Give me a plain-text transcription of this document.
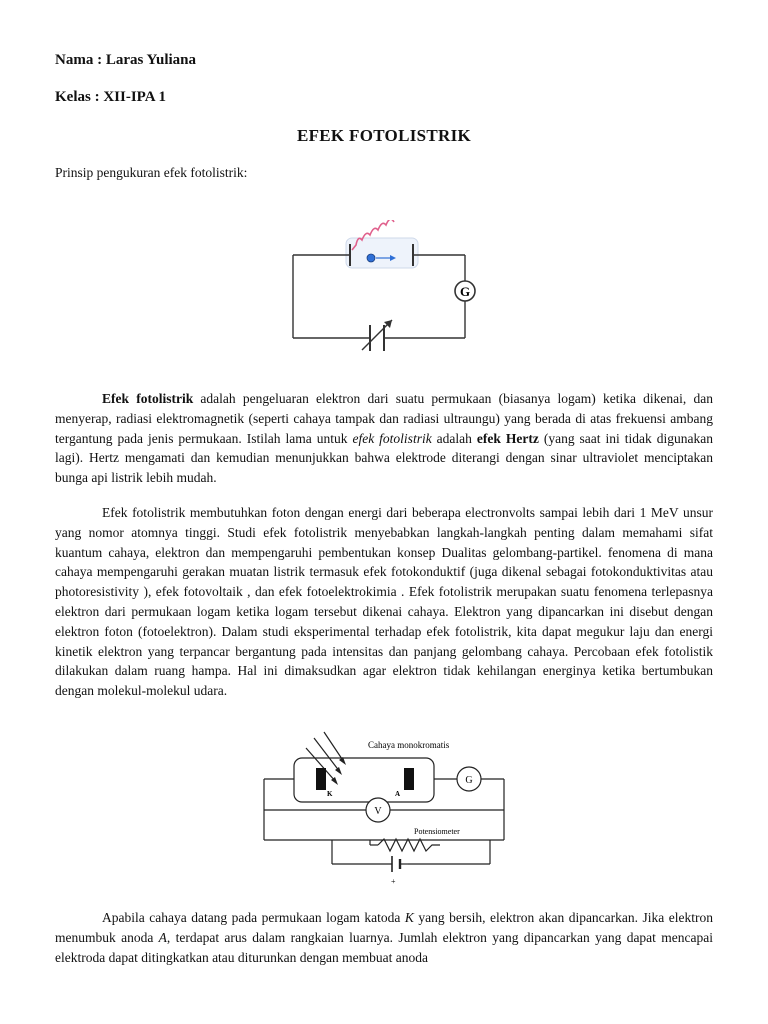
Nama : Laras Yuliana
Kelas : XII-IPA 1
EFEK FOTOLISTRIK
Prinsip pengukuran efek fotolistrik:
G

Efek fotolistrik adalah pengeluaran elektron dari suatu permukaan (biasanya logam) ketika dikenai, dan menyerap, radiasi elektromagnetik (seperti cahaya tampak dan radiasi ultraungu) yang berada di atas frekuensi ambang tergantung pada jenis permukaan. Istilah lama untuk efek fotolistrik adalah efek Hertz (yang saat ini tidak digunakan lagi). Hertz mengamati dan kemudian menunjukkan bahwa elektrode diterangi dengan sinar ultraviolet menciptakan bunga api listrik lebih mudah.

Efek fotolistrik membutuhkan foton dengan energi dari beberapa electronvolts sampai lebih dari 1 MeV unsur yang nomor atomnya tinggi. Studi efek fotolistrik menyebabkan langkah-langkah penting dalam memahami sifat kuantum cahaya, elektron dan mempengaruhi pembentukan konsep Dualitas gelombang-partikel. fenomena di mana cahaya mempengaruhi gerakan muatan listrik termasuk efek fotokonduktif (juga dikenal sebagai fotokonduktivitas atau photoresistivity ), efek fotovoltaik , dan efek fotoelektrokimia . Efek fotolistrik merupakan suatu fenomena terlepasnya elektron dari permukaan logam ketika logam tersebut dikenai cahaya. Elektron yang dipancarkan ini disebut dengan elektron foton (fotoelektron). Dalam studi eksperimental terhadap efek fotolistrik, kita dapat megukur laju dan energi kinetik elektron yang terpancar bergantung pada intensitas dan panjang gelombang cahaya. Percobaan efek fotolistik dilakukan dalam ruang hampa. Hal ini dimaksudkan agar elektron tidak kehilangan energinya ketika bertumbukan dengan molekul-molekul udara.

G
V
Cahaya monokromatis
K	A
Potensiometer
+

Apabila cahaya datang pada permukaan logam katoda K yang bersih, elektron akan dipancarkan. Jika elektron menumbuk anoda A, terdapat arus dalam rangkaian luarnya. Jumlah elektron yang dipancarkan yang dapat mencapai elektroda dapat ditingkatkan atau diturunkan dengan membuat anoda
